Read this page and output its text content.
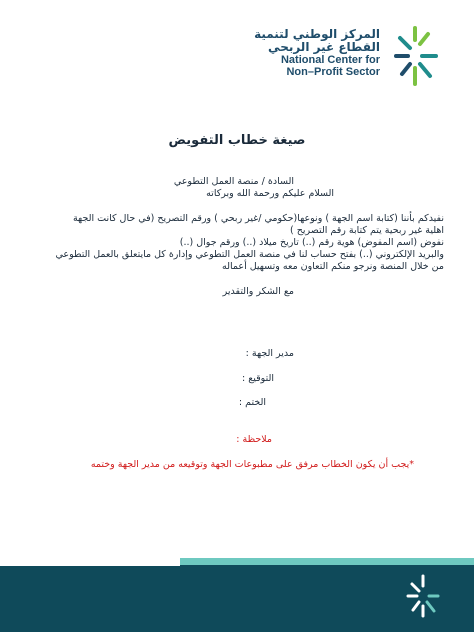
المركز الوطني لتنمية
القطاع غير الربحي
National Center for
Non–Profit Sector
صيغة خطاب التفويض
السادة / منصة العمل التطوعي
السلام عليكم ورحمة الله وبركاته
نفيدكم بأننا (كتابة اسم الجهة ) ونوعها(حكومي /غير ربحي ) ورقم التصريح (في حال كانت الجهة
اهلية غير ربحية يتم كتابة رقم التصريح )
نفوض (اسم المفوض) هوية رقم (..) تاريخ ميلاد (..) ورقم جوال (..)
والبريد الإلكتروني (..) بفتح حساب لنا في منصة العمل التطوعي وإدارة كل مايتعلق بالعمل التطوعي
من خلال المنصة ونرجو منكم التعاون معه وتسهيل أعماله
مع الشكر والتقدير
مدير الجهة :
التوقيع :
الختم :
ملاحظة :
*يجب أن يكون الخطاب مرفق على مطبوعات الجهة وتوقيعه من مدير الجهة وختمه
